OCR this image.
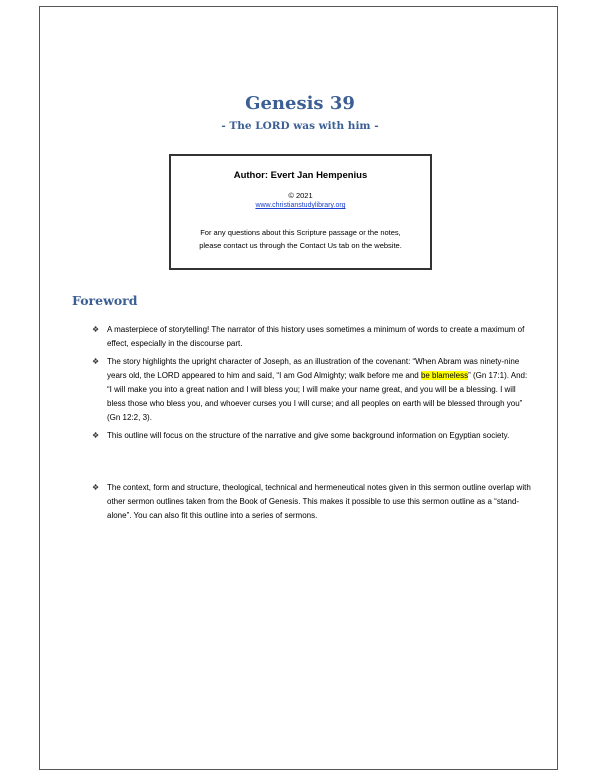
Genesis 39
- The LORD was with him -
Author: Evert Jan Hempenius
© 2021
www.christianstudylibrary.org
For any questions about this Scripture passage or the notes,
please contact us through the Contact Us tab on the website.
Foreword
❖ A masterpiece of storytelling! The narrator of this history uses sometimes a minimum of words to create a maximum of effect, especially in the discourse part.
❖ The story highlights the upright character of Joseph, as an illustration of the covenant: “When Abram was ninety-nine years old, the LORD appeared to him and said, “I am God Almighty; walk before me and be blameless” (Gn 17:1). And: “I will make you into a great nation and I will bless you; I will make your name great, and you will be a blessing. I will bless those who bless you, and whoever curses you I will curse; and all peoples on earth will be blessed through you” (Gn 12:2, 3).
❖ This outline will focus on the structure of the narrative and give some background information on Egyptian society.
❖ The context, form and structure, theological, technical and hermeneutical notes given in this sermon outline overlap with other sermon outlines taken from the Book of Genesis. This makes it possible to use this sermon outline as a “stand-alone”. You can also fit this outline into a series of sermons.
